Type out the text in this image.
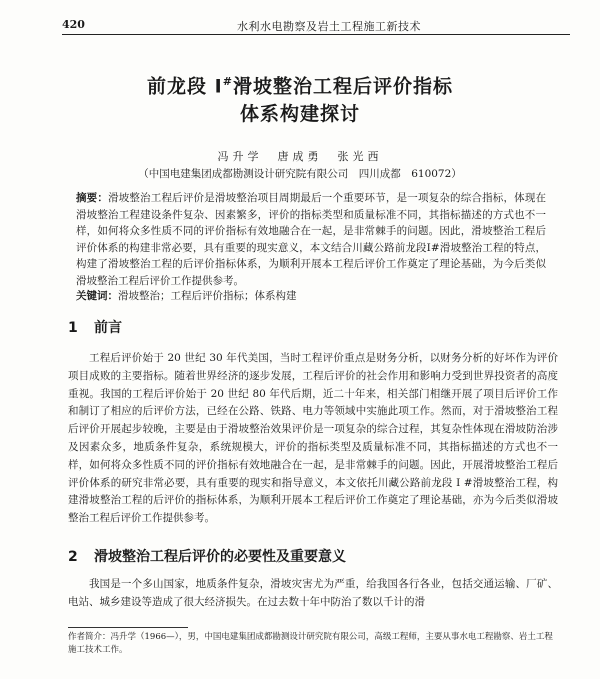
420	水利水电勘察及岩土工程施工新技术
前龙段 I#滑坡整治工程后评价指标
体系构建探讨
冯升学　唐成勇　张光西
（中国电建集团成都勘测设计研究院有限公司　四川成都　610072）
摘要：滑坡整治工程后评价是滑坡整治项目周期最后一个重要环节，是一项复杂的综合指标，体现在滑坡整治工程建设条件复杂、因素繁多，评价的指标类型和质量标准不同，其指标描述的方式也不一样，如何将众多性质不同的评价指标有效地融合在一起，是非常棘手的问题。因此，滑坡整治工程后评价体系的构建非常必要，具有重要的现实意义，本文结合川藏公路前龙段Ⅰ#滑坡整治工程的特点，构建了滑坡整治工程的后评价指标体系，为顺利开展本工程后评价工作奠定了理论基础，为今后类似滑坡整治工程后评价工作提供参考。
关键词：滑坡整治；工程后评价指标；体系构建
1 前言
工程后评价始于 20 世纪 30 年代美国，当时工程评价重点是财务分析，以财务分析的好坏作为评价项目成败的主要指标。随着世界经济的逐步发展，工程后评价的社会作用和影响力受到世界投资者的高度重视。我国的工程后评价始于 20 世纪 80 年代后期，近二十年来，相关部门相继开展了项目后评价工作和制订了相应的后评价方法，已经在公路、铁路、电力等领域中实施此项工作。然而，对于滑坡整治工程后评价开展起步较晚，主要是由于滑坡整治效果评价是一项复杂的综合过程，其复杂性体现在滑坡防治涉及因素众多，地质条件复杂，系统规模大，评价的指标类型及质量标准不同，其指标描述的方式也不一样，如何将众多性质不同的评价指标有效地融合在一起，是非常棘手的问题。因此，开展滑坡整治工程后评价体系的研究非常必要，具有重要的现实和指导意义，本文依托川藏公路前龙段 I #滑坡整治工程，构建滑坡整治工程的后评价的指标体系，为顺利开展本工程后评价工作奠定了理论基础，亦为今后类似滑坡整治工程后评价工作提供参考。
2 滑坡整治工程后评价的必要性及重要意义
我国是一个多山国家，地质条件复杂，滑坡灾害尤为严重，给我国各行各业，包括交通运输、厂矿、电站、城乡建设等造成了很大经济损失。在过去数十年中防治了数以千计的滑
作者简介：冯升学（1966—），男，中国电建集团成都勘测设计研究院有限公司，高级工程师，主要从事水电工程勘察、岩土工程施工技术工作。
